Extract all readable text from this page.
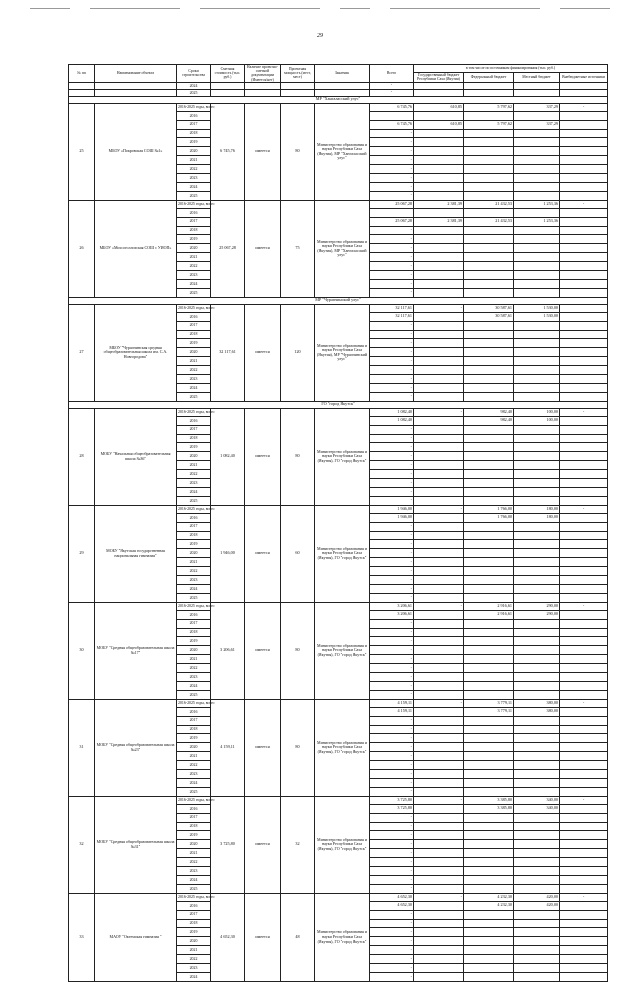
29
№ пп	Наименование объекта	Сроки строительства	Сметная стоимость (тыс. руб.)	Наличие проектно-сметной документации (Имеется/нет)	Проектная мощность (мест, мест)	Заказчик	Всего	в том числе по источникам финансирования (тыс. руб.)			
								Государственный бюджет Республики Саха (Якутия)	Федеральный бюджет	Местный бюджет	Внебюджетные источники
		2024					-				
		2025					-				
МР "Хангаласский улус"											
25	МБОУ «Покровская СОШ №1»	2016-2025 годы, всего	6 745,76	имеется	80	Министерство образования и науки Республики Саха (Якутия), МР "Хангаласский улус"	6 745,76	610,85	5 797,62	337,29	-
		2016									
		2017					6 745,76	610,85	5 797,62	337,29	
		2018					-				
		2019					-				
		2020					-				
		2021					-				
		2022					-				
		2023					-				
		2024					-				
		2025					-				
26	МБОУ «Мохсоголлохская СОШ с УИОП»	2016-2025 годы, всего	25 067,28	имеется	75	Министерство образования и науки Республики Саха (Якутия), МР "Хангаласский улус"	25 067,28	2 381,39	21 432,53	1 253,36	-
		2016									
		2017					25 067,28	2 381,39	21 432,53	1 253,36	
		2018					-				
		2019					-				
		2020					-				
		2021					-				
		2022					-				
		2023					-				
		2024					-				
		2025					-				
МР "Чурапчинский улус"											
27	МБОУ "Чурапчинская средняя общеобразовательная школа им. С.А. Новгородова"	2016-2025 годы, всего	32 117,61	имеется	120	Министерство образования и науки Республики Саха (Якутия), МР "Чурапчинский улус"	32 117,61	-	30 587,61	1 530,00	
		2016					32 117,61		30 587,61	1 530,00	
		2017					-				
		2018					-				
		2019					-				
		2020					-				
		2021					-				
		2022					-				
		2023					-				
		2024					-				
		2025					-				
ГО "город Якутск"											
28	МОБУ "Начальная общеобразовательная школа №36"	2016-2025 годы, всего	1 082,40	имеется	80	Министерство образования и науки Республики Саха (Якутия), ГО "город Якутск"	1 082,40	-	982,40	100,00	-
		2016					1 082,40		982,40	100,00	
		2017					-				
		2018					-				
		2019					-				
		2020					-				
		2021					-				
		2022					-				
		2023					-				
		2024					-				
		2025					-				
29	МОБУ "Якутская государственная национальная гимназия"	2016-2025 годы, всего	1 946,00	имеется	60	Министерство образования и науки Республики Саха (Якутия), ГО "город Якутск"	1 946,00	-	1 766,00	180,00	-
		2016					1 946,00		1 766,00	180,00	
		2017					-				
		2018					-				
		2019					-				
		2020					-				
		2021					-				
		2022					-				
		2023					-				
		2024					-				
		2025					-				
30	МОБУ "Средняя общеобразовательная школа №17"	2016-2025 годы, всего	3 206,61	имеется	80	Министерство образования и науки Республики Саха (Якутия), ГО "город Якутск"	3 206,61	-	2 916,61	290,00	-
		2016					3 206,61		2 916,61	290,00	
		2017					-				
		2018					-				
		2019					-				
		2020					-				
		2021					-				
		2022					-				
		2023					-				
		2024					-				
		2025					-				
31	МОБУ "Средняя общеобразовательная школа №23"	2016-2025 годы, всего	4 159,11	имеется	80	Министерство образования и науки Республики Саха (Якутия), ГО "город Якутск"	4 159,11	-	3 779,11	380,00	-
		2016					4 159,11		3 779,11	380,00	
		2017					-				
		2018					-				
		2019					-				
		2020					-				
		2021					-				
		2022					-				
		2023					-				
		2024					-				
		2025					-				
32	МОБУ "Средняя общеобразовательная школа №31"	2016-2025 годы, всего	3 725,80	имеется	32	Министерство образования и науки Республики Саха (Якутия), ГО "город Якутск"	3 725,80	-	3 385,80	340,00	-
		2016					3 725,80		3 385,80	340,00	
		2017					-				
		2018					-				
		2019					-				
		2020					-				
		2021					-				
		2022					-				
		2023					-				
		2024					-				
		2025					-				
33	МАОУ "Октемская гимназия "	2016-2025 годы, всего	4 652,30	имеется	48	Министерство образования и науки Республики Саха (Якутия), ГО "город Якутск"	4 652,30	-	4 232,30	420,00	-
		2016					4 652,30		4 232,30	420,00	
		2017					-				
		2018					-				
		2019					-				
		2020					-				
		2021					-				
		2022					-				
		2023					-				
		2024					-				
